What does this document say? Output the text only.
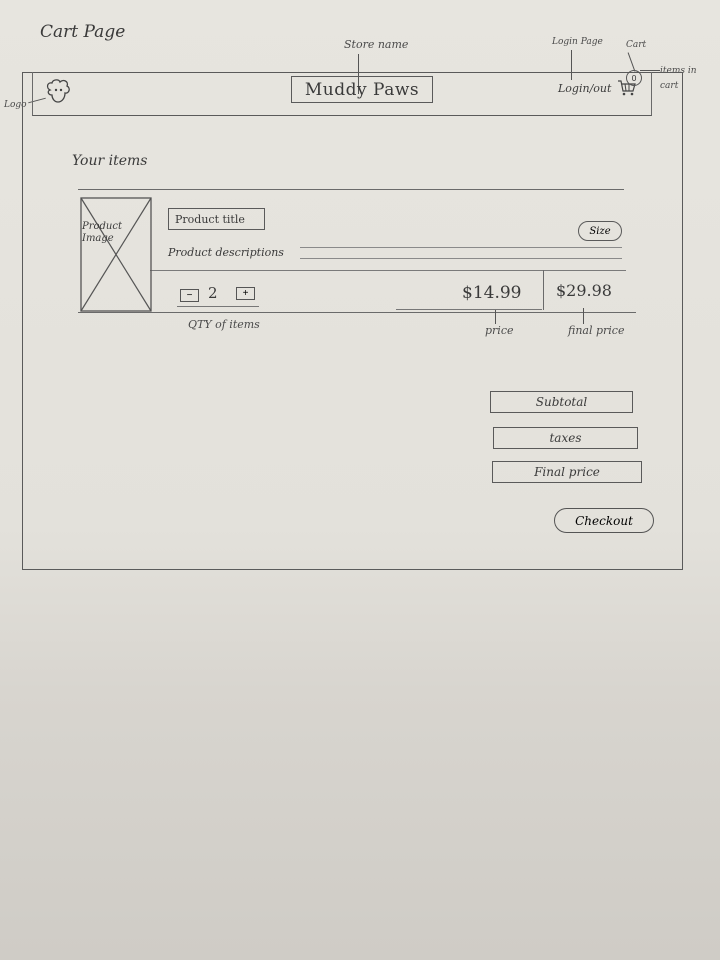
Cart Page
Store name	Login Page	Cart
items in cart
Logo
Muddy Paws	Login/out
0
Your items
Product Image
Product title
Product descriptions
Size
−	2	+	$14.99 $29.98
QTY of items	price	final price
Subtotal
taxes
Final price
Checkout
